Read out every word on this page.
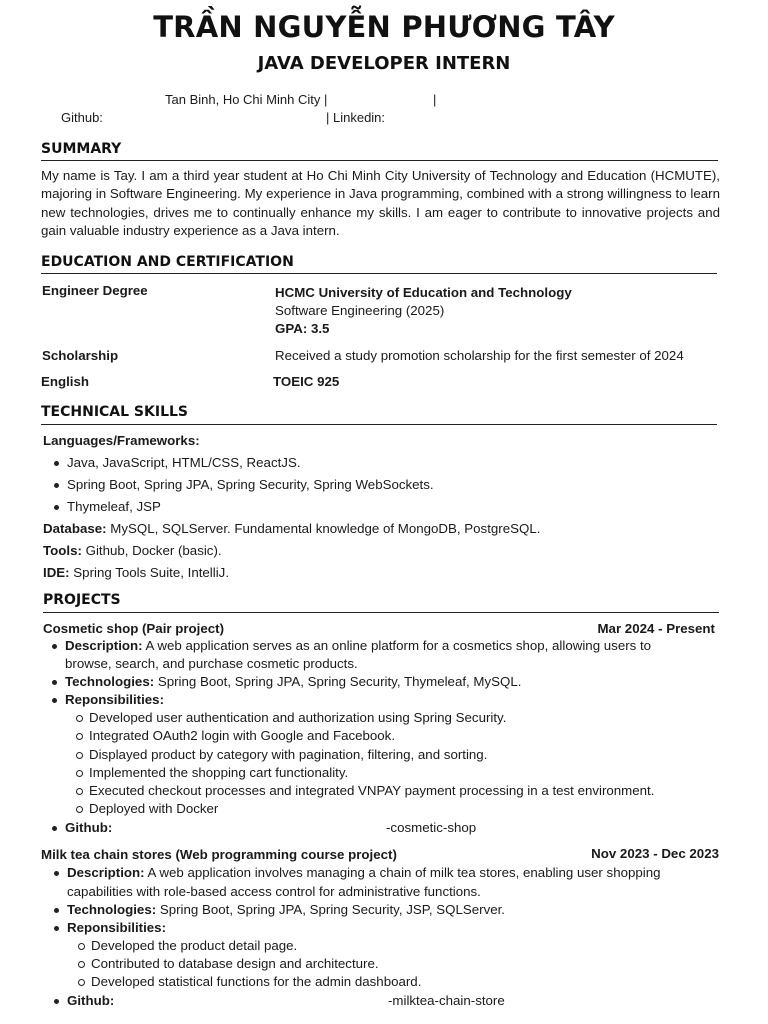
TRẦN NGUYỄN PHƯƠNG TÂY
JAVA DEVELOPER INTERN
Tan Binh, Ho Chi Minh City |	|
Github:	| Linkedin:
SUMMARY
My name is Tay. I am a third year student at Ho Chi Minh City University of Technology and Education (HCMUTE), majoring in Software Engineering. My experience in Java programming, combined with a strong willingness to learn new technologies, drives me to continually enhance my skills. I am eager to contribute to innovative projects and gain valuable industry experience as a Java intern.
EDUCATION AND CERTIFICATION
Engineer Degree	HCMC University of Education and Technology
Software Engineering (2025)
GPA: 3.5
Scholarship	Received a study promotion scholarship for the first semester of 2024
English	TOEIC 925
TECHNICAL SKILLS
Languages/Frameworks:
Java, JavaScript, HTML/CSS, ReactJS.
Spring Boot, Spring JPA, Spring Security, Spring WebSockets.
Thymeleaf, JSP
Database: MySQL, SQLServer. Fundamental knowledge of MongoDB, PostgreSQL.
Tools: Github, Docker (basic).
IDE: Spring Tools Suite, IntelliJ.
PROJECTS
Cosmetic shop (Pair project)	Mar 2024 - Present
Description: A web application serves as an online platform for a cosmetics shop, allowing users to
browse, search, and purchase cosmetic products.
Technologies: Spring Boot, Spring JPA, Spring Security, Thymeleaf, MySQL.
Reponsibilities:
Developed user authentication and authorization using Spring Security.
Integrated OAuth2 login with Google and Facebook.
Displayed product by category with pagination, filtering, and sorting.
Implemented the shopping cart functionality.
Executed checkout processes and integrated VNPAY payment processing in a test environment.
Deployed with Docker
Github:	-cosmetic-shop
Milk tea chain stores (Web programming course project)	Nov 2023 - Dec 2023
Description: A web application involves managing a chain of milk tea stores, enabling user shopping
capabilities with role-based access control for administrative functions.
Technologies: Spring Boot, Spring JPA, Spring Security, JSP, SQLServer.
Reponsibilities:
Developed the product detail page.
Contributed to database design and architecture.
Developed statistical functions for the admin dashboard.
Github:	-milktea-chain-store
